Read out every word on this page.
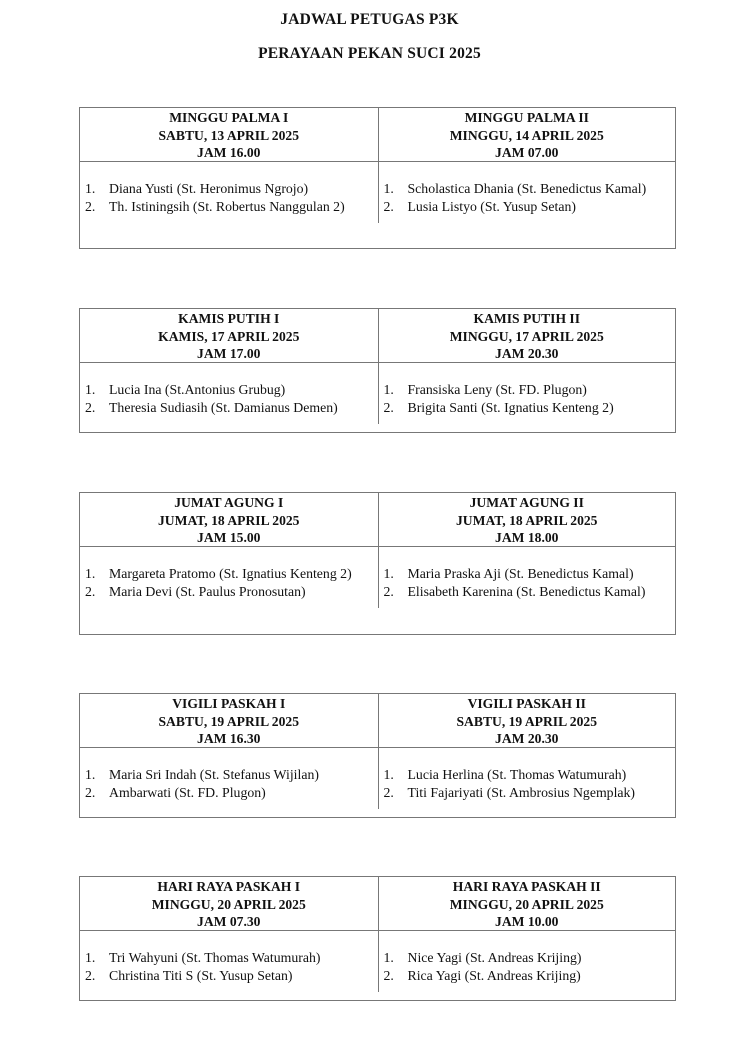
JADWAL PETUGAS P3K
PERAYAAN PEKAN SUCI 2025
MINGGU PALMA I
SABTU, 13 APRIL 2025
JAM 16.00
MINGGU PALMA II
MINGGU, 14 APRIL 2025
JAM 07.00
1. Diana Yusti (St. Heronimus Ngrojo)
2. Th. Istiningsih (St. Robertus Nanggulan 2)
1. Scholastica Dhania (St. Benedictus Kamal)
2. Lusia Listyo (St. Yusup Setan)
KAMIS PUTIH I
KAMIS, 17 APRIL 2025
JAM 17.00
KAMIS PUTIH II
MINGGU, 17 APRIL 2025
JAM 20.30
1. Lucia Ina (St.Antonius Grubug)
2. Theresia Sudiasih (St. Damianus Demen)
1. Fransiska Leny (St. FD. Plugon)
2. Brigita Santi (St. Ignatius Kenteng 2)
JUMAT AGUNG I
JUMAT, 18 APRIL 2025
JAM 15.00
JUMAT AGUNG II
JUMAT, 18 APRIL 2025
JAM 18.00
1. Margareta Pratomo (St. Ignatius Kenteng 2)
2. Maria Devi (St. Paulus Pronosutan)
1. Maria Praska Aji (St. Benedictus Kamal)
2. Elisabeth Karenina (St. Benedictus Kamal)
VIGILI PASKAH I
SABTU, 19 APRIL 2025
JAM 16.30
VIGILI PASKAH II
SABTU, 19 APRIL 2025
JAM 20.30
1. Maria Sri Indah (St. Stefanus Wijilan)
2. Ambarwati (St. FD. Plugon)
1. Lucia Herlina (St. Thomas Watumurah)
2. Titi Fajariyati (St. Ambrosius Ngemplak)
HARI RAYA PASKAH I
MINGGU, 20 APRIL 2025
JAM 07.30
HARI RAYA PASKAH II
MINGGU, 20 APRIL 2025
JAM 10.00
1. Tri Wahyuni (St. Thomas Watumurah)
2. Christina Titi S (St. Yusup Setan)
1. Nice Yagi (St. Andreas Krijing)
2. Rica Yagi (St. Andreas Krijing)
